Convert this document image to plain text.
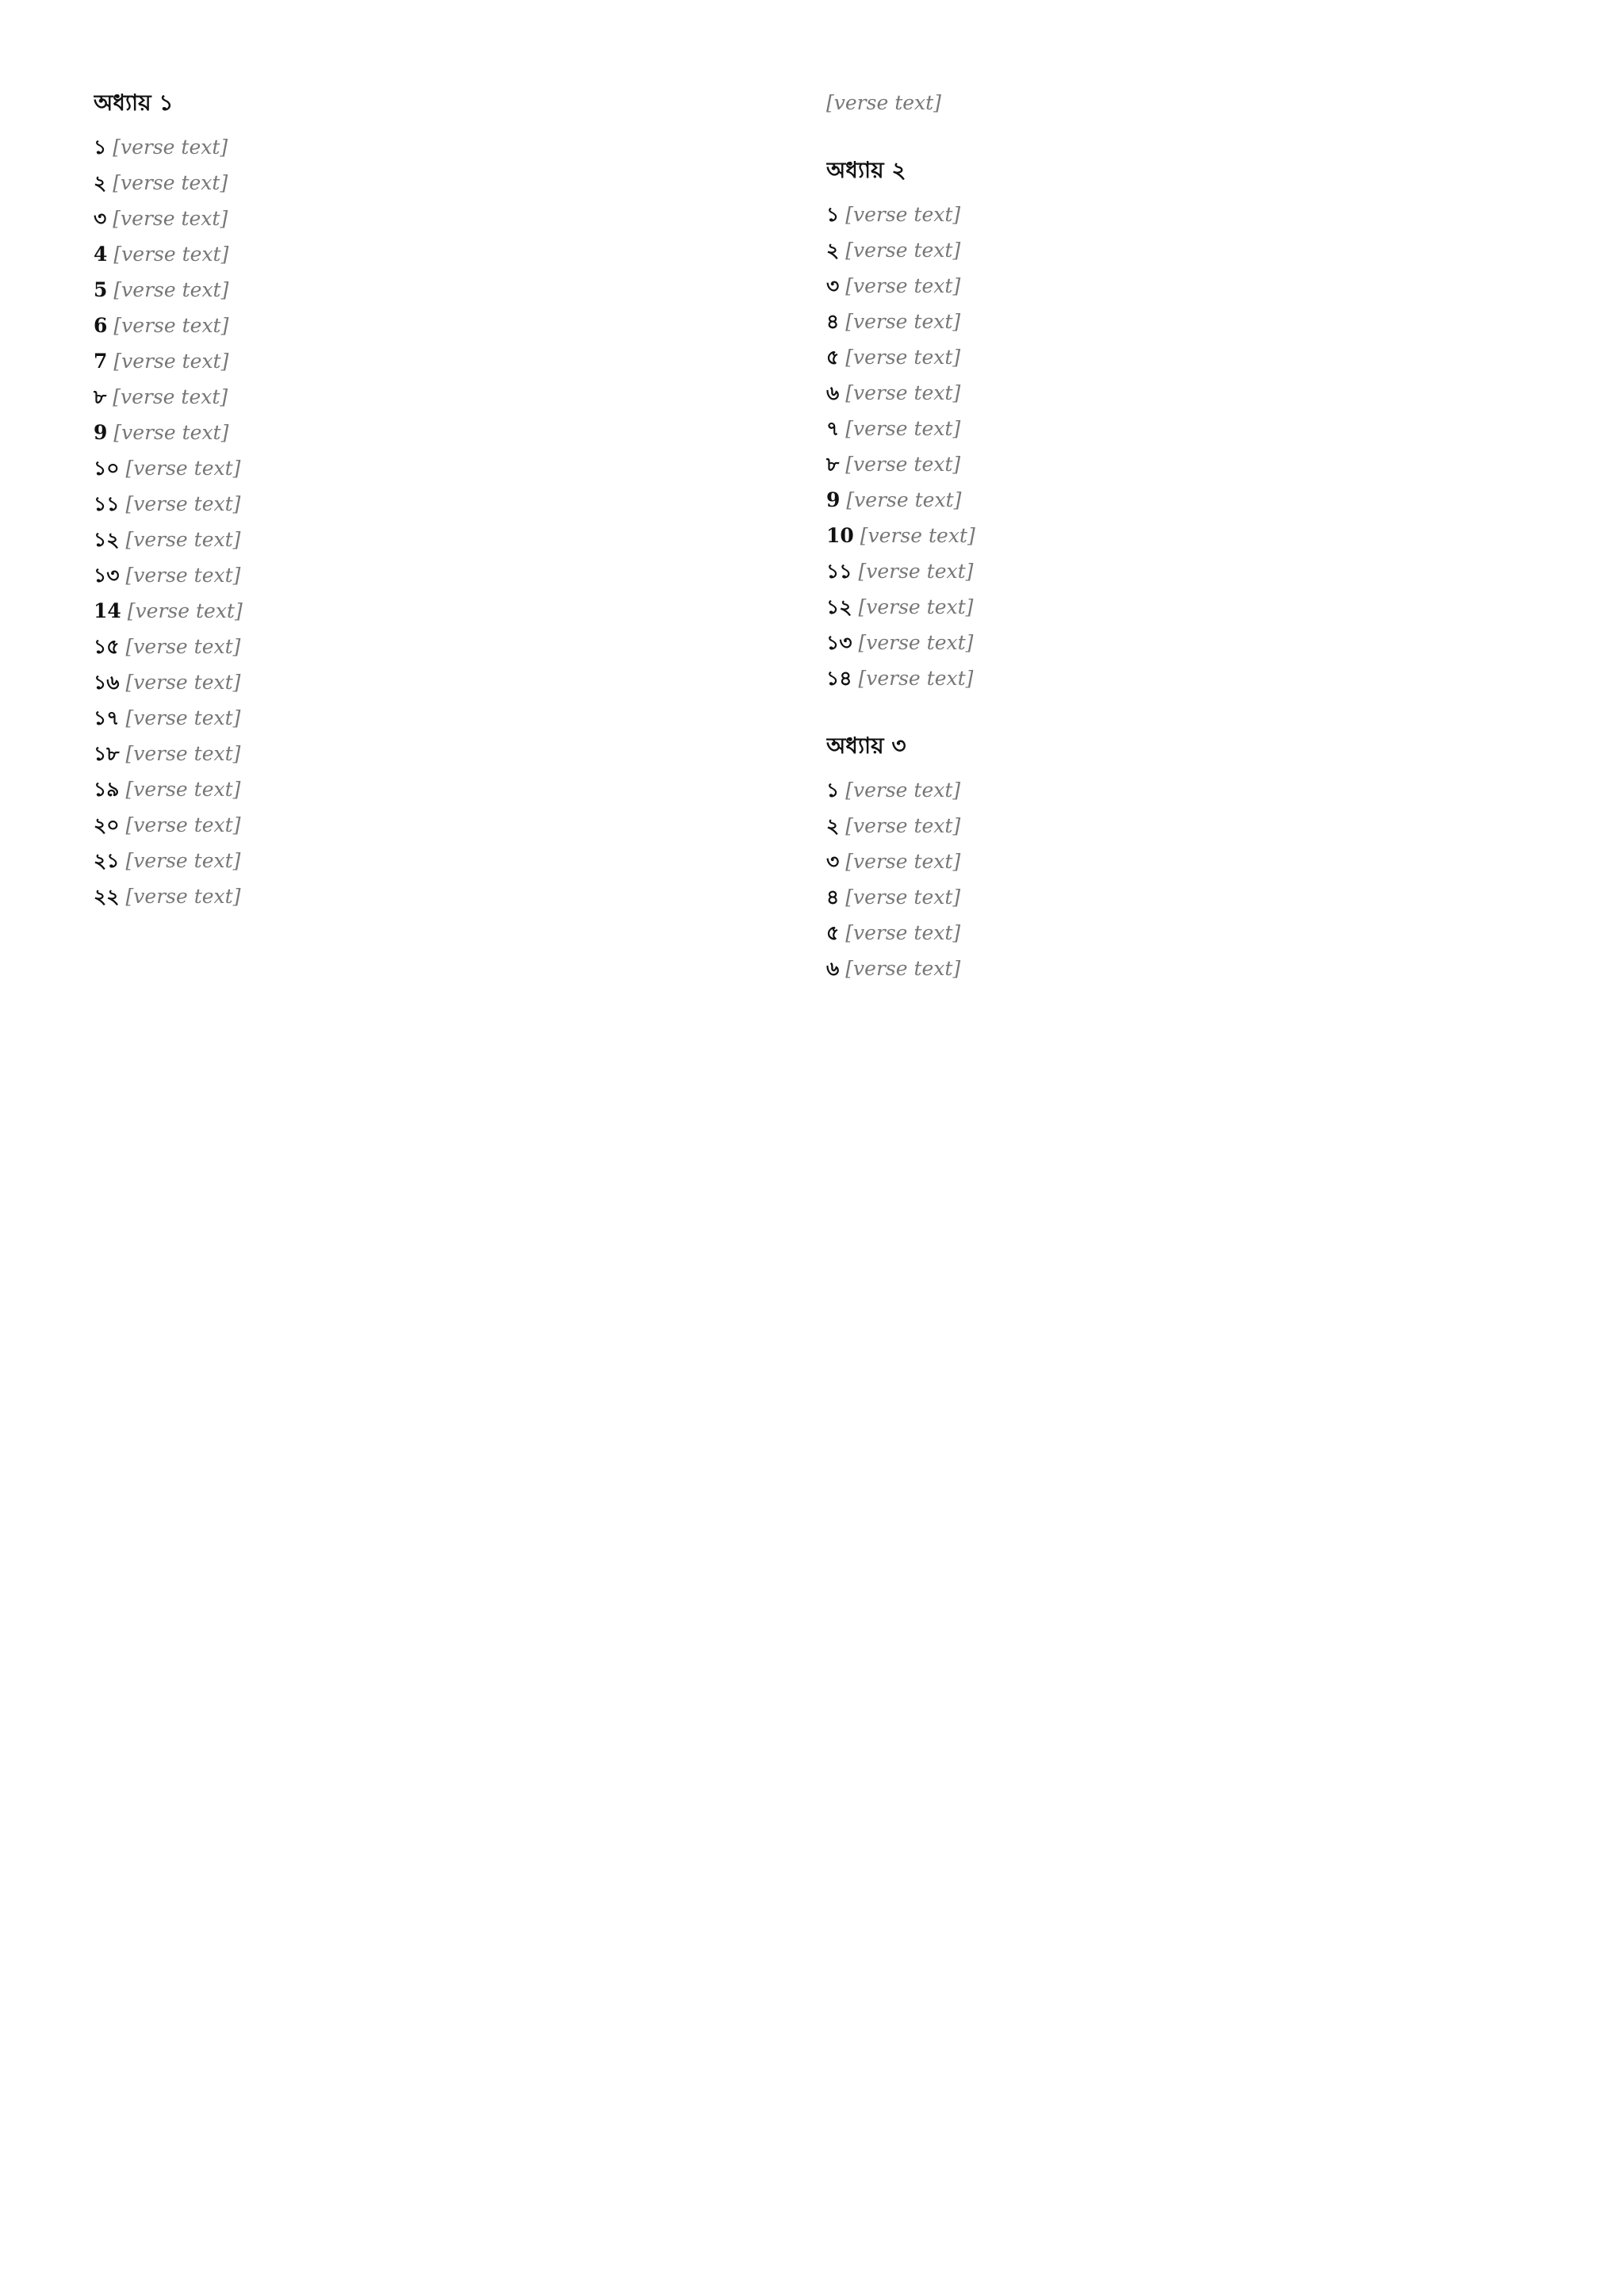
অধ্যায় ১

১ [verse text]

২ [verse text]

৩ [verse text]

4 [verse text]

5 [verse text]

6 [verse text]

7 [verse text]

৮ [verse text]

9 [verse text]

১০ [verse text]

১১ [verse text]

১২ [verse text]

১৩ [verse text]

14 [verse text]

১৫ [verse text]

১৬ [verse text]

১৭ [verse text]

১৮ [verse text]

১৯ [verse text]

২০ [verse text]

২১ [verse text]

২২ [verse text]

[verse text]

অধ্যায় ২

১ [verse text]

২ [verse text]

৩ [verse text]

৪ [verse text]

৫ [verse text]

৬ [verse text]

৭ [verse text]

৮ [verse text]

9 [verse text]

10 [verse text]

১১ [verse text]

১২ [verse text]

১৩ [verse text]

১৪ [verse text]

অধ্যায় ৩

১ [verse text]

২ [verse text]

৩ [verse text]

৪ [verse text]

৫ [verse text]

৬ [verse text]
